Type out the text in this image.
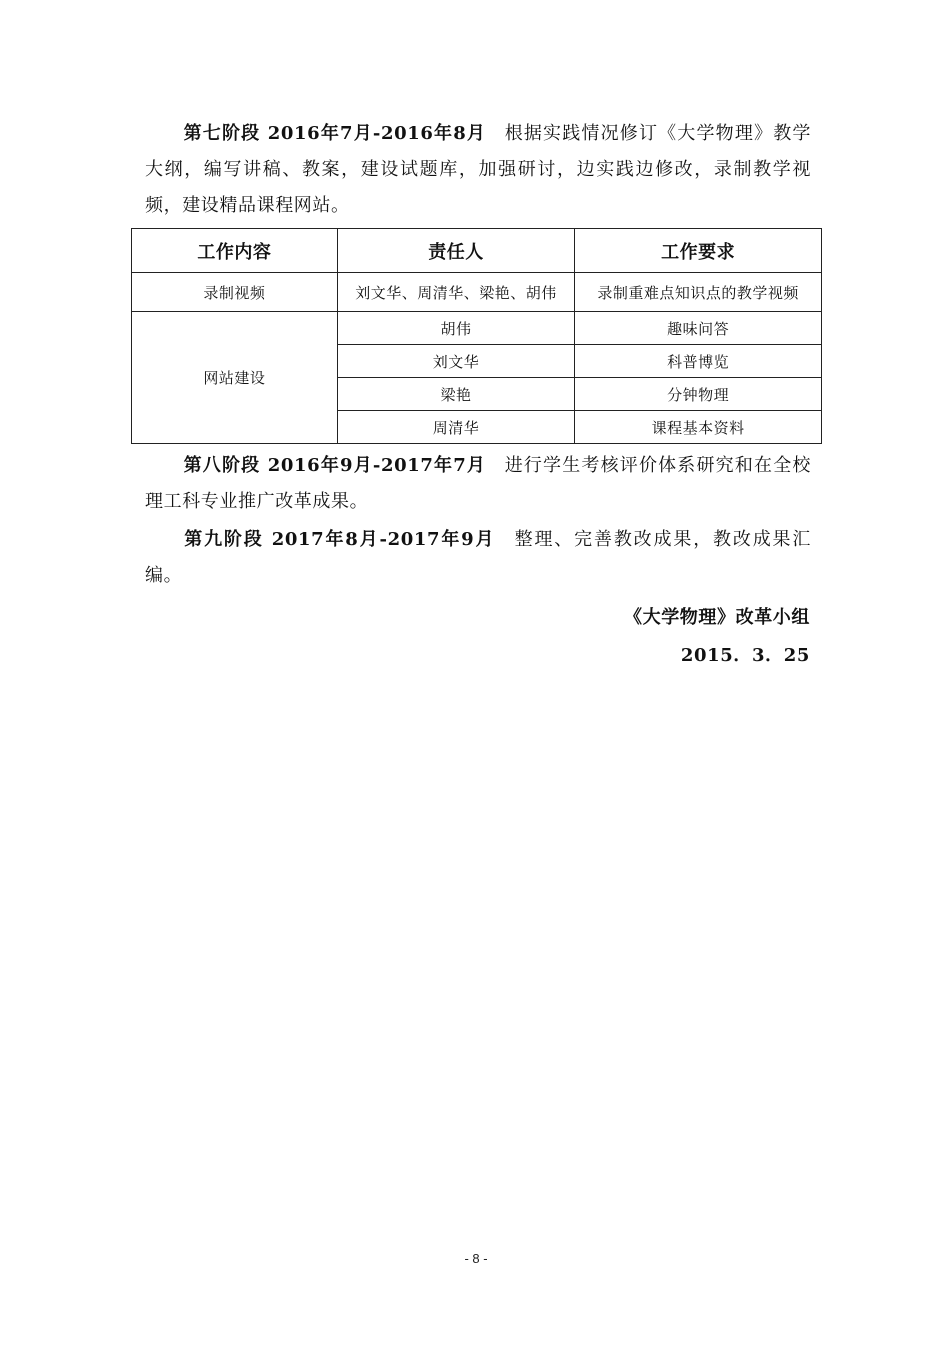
第七阶段 2016年7月-2016年8月 根据实践情况修订《大学物理》教学大纲，编写讲稿、教案，建设试题库，加强研讨，边实践边修改，录制教学视频，建设精品课程网站。
工作内容	责任人	工作要求
录制视频	刘文华、周清华、梁艳、胡伟	录制重难点知识点的教学视频
网站建设	胡伟	趣味问答
	刘文华	科普博览
	梁艳	分钟物理
	周清华	课程基本资料
第八阶段 2016年9月-2017年7月 进行学生考核评价体系研究和在全校理工科专业推广改革成果。
第九阶段 2017年8月-2017年9月 整理、完善教改成果，教改成果汇编。
《大学物理》改革小组
2015．3．25
- 8 -
